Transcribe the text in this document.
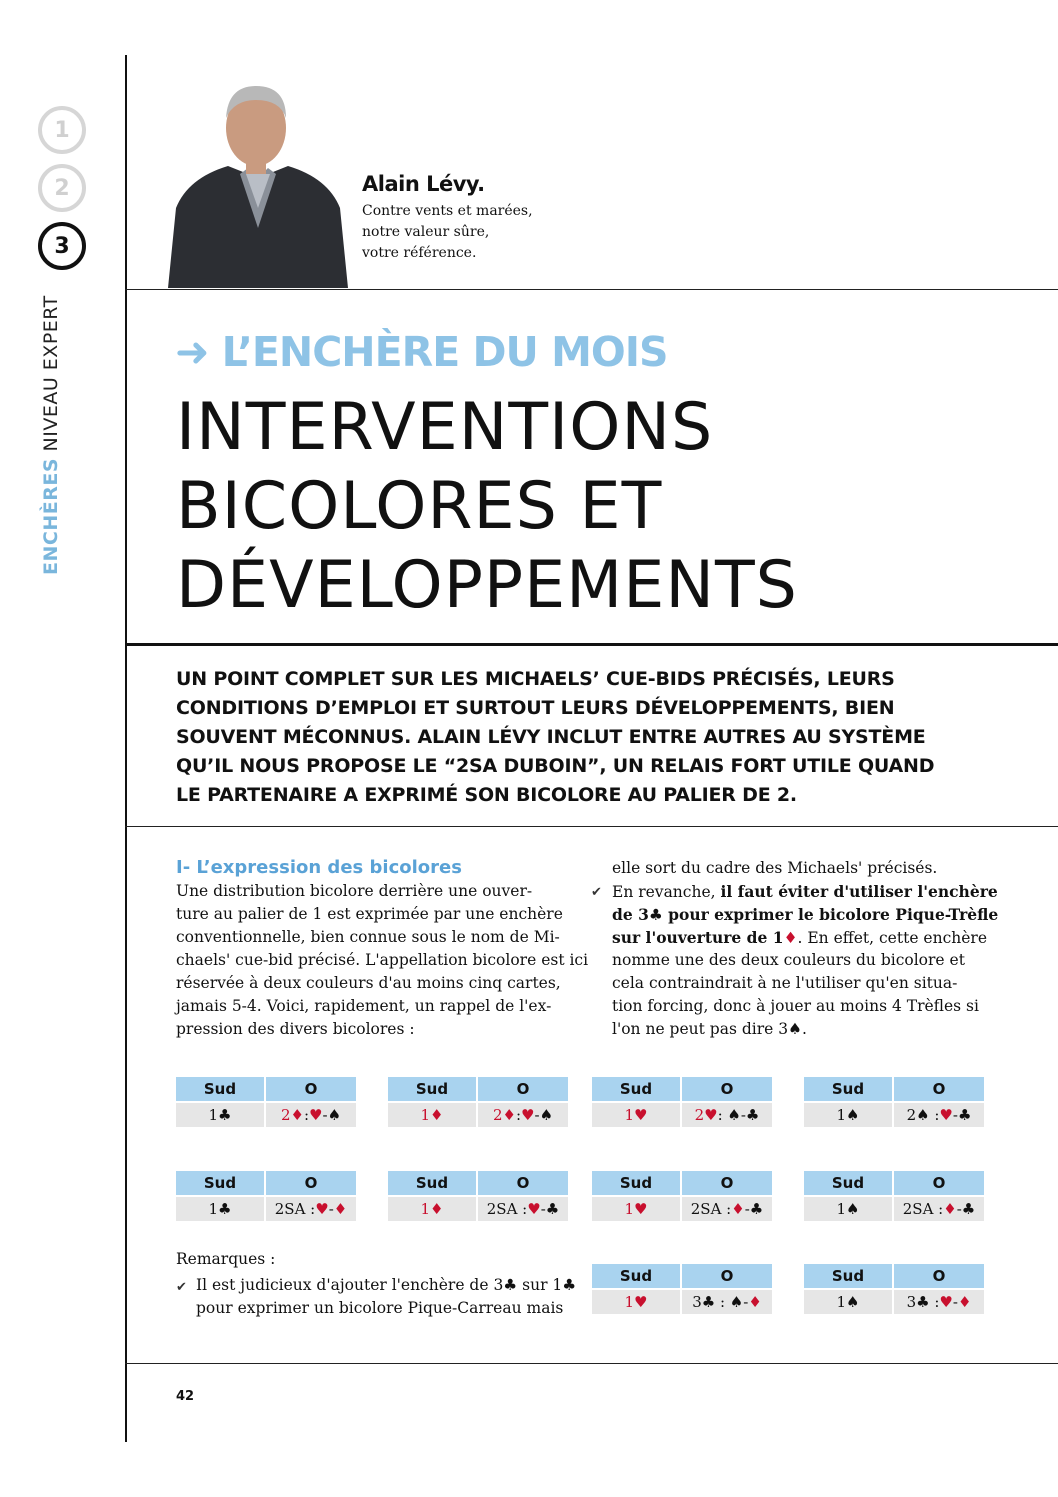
1
2
3
ENCHÈRES NIVEAU EXPERT
Alain Lévy.
Contre vents et marées,
notre valeur sûre,
votre référence.
➜ L’ENCHÈRE DU MOIS
INTERVENTIONS
BICOLORES ET
DÉVELOPPEMENTS
UN POINT COMPLET SUR LES MICHAELS’ CUE-BIDS PRÉCISÉS, LEURS
CONDITIONS D’EMPLOI ET SURTOUT LEURS DÉVELOPPEMENTS, BIEN
SOUVENT MÉCONNUS. ALAIN LÉVY INCLUT ENTRE AUTRES AU SYSTÈME
QU’IL NOUS PROPOSE LE “2SA DUBOIN”, UN RELAIS FORT UTILE QUAND
LE PARTENAIRE A EXPRIMÉ SON BICOLORE AU PALIER DE 2.
I- L’expression des bicolores
Une distribution bicolore derrière une ouver-
ture au palier de 1 est exprimée par une enchère
conventionnelle, bien connue sous le nom de Mi-
chaels' cue-bid précisé. L'appellation bicolore est ici
réservée à deux couleurs d'au moins cinq cartes,
jamais 5-4. Voici, rapidement, un rappel de l'ex-
pression des divers bicolores :
elle sort du cadre des Michaels' précisés.
✔ En revanche, il faut éviter d'utiliser l'enchère
de 3♣ pour exprimer le bicolore Pique-Trèfle
sur l'ouverture de 1♦. En effet, cette enchère
nomme une des deux couleurs du bicolore et
cela contraindrait à ne l'utiliser qu'en situa-
tion forcing, donc à jouer au moins 4 Trèfles si
l'on ne peut pas dire 3♠.
Sud	O
1♣	2♦ : ♥ -♠
Sud	O
1♦	2♦ : ♥ -♠
Sud	O
1♥	2♥ : ♠-♣
Sud	O
1♠	2♠ : ♥ -♣
Sud	O
1♣	2SA : ♥ - ♦
Sud	O
1♦	2SA : ♥ -♣
Sud	O
1♥	2SA : ♦ -♣
Sud	O
1♠	2SA : ♦ -♣
Sud	O
1♥	3♣ : ♠- ♦
Sud	O
1♠	3♣ : ♥ - ♦
Remarques :
✔ Il est judicieux d'ajouter l'enchère de 3♣ sur 1♣
pour exprimer un bicolore Pique-Carreau mais
42
